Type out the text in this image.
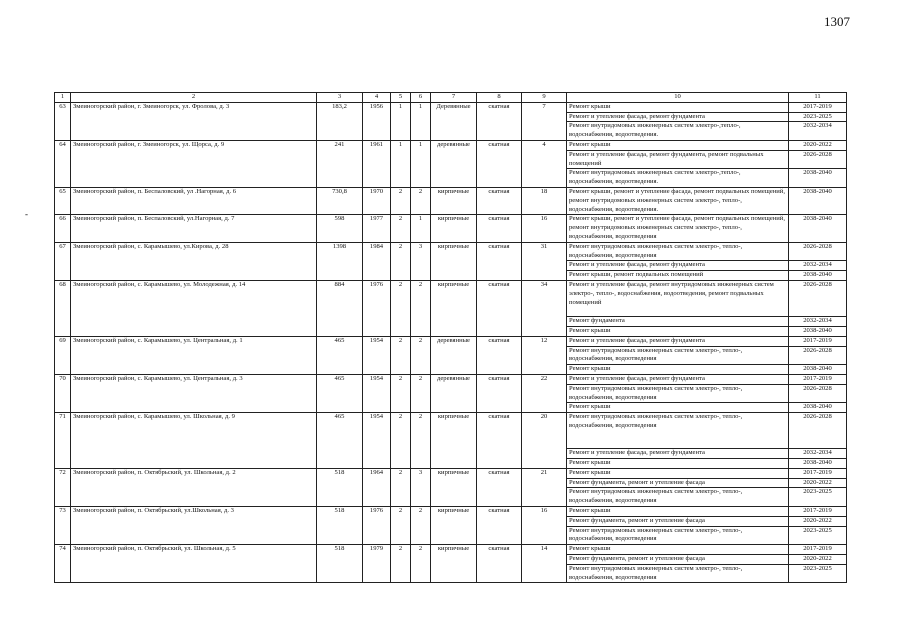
1307
-
1	2	3	4	5	6	7	8	9	10	11
63	Змеиногорский район, г. Змеиногорск, ул. Фролова, д. 3	183,2	1956	1	1	Деревянные	скатная	7	Ремонт крыши	2017-2019
									Ремонт и утепление фасада, ремонт фундамента	2023-2025
									Ремонт внутридомовых инженерных систем электро-,тепло-, водоснабжения, водоотведения.	2032-2034
64	Змеиногорский район, г. Змеиногорск, ул. Щорса, д. 9	241	1961	1	1	деревянные	скатная	4	Ремонт крыши	2020-2022
									Ремонт и утепление фасада, ремонт фундамента, ремонт подвальных помещений	2026-2028
									Ремонт внутридомовых инженерных систем электро-,тепло-, водоснабжения, водоотведения.	2038-2040
65	Змеиногорский район, п. Беспаловский, ул .Нагорная, д. 6	730,8	1970	2	2	кирпичные	скатная	18	Ремонт крыши, ремонт и утепление фасада, ремонт подвальных помещений, ремонт внутридомовых инженерных систем электро-, тепло-, водоснабжения, водоотведения.	2038-2040
66	Змеиногорский район, п. Беспаловский, ул.Нагорная, д. 7	598	1977	2	1	кирпичные	скатная	16	Ремонт крыши, ремонт и утепление фасада, ремонт подвальных помещений, ремонт внутридомовых инженерных систем электро-, тепло-, водоснабжения, водоотведения	2038-2040
67	Змеиногорский район, с. Карамышево, ул.Кирова, д. 28	1398	1984	2	3	кирпичные	скатная	31	Ремонт внутридомовых инженерных систем электро-, тепло-, водоснабжения, водоотведения	2026-2028
									Ремонт и утепление фасада, ремонт фундамента	2032-2034
									Ремонт крыши, ремонт подвальных помещений	2038-2040
68	Змеиногорский район, с. Карамышево, ул. Молодежная, д. 14	884	1976	2	2	кирпичные	скатная	34	Ремонт и утепление фасада, ремонт внутридомовых инженерных систем электро-, тепло-, водоснабжения, водоотведения, ремонт подвальных помещений	2026-2028
									Ремонт фундамента	2032-2034
									Ремонт крыши	2038-2040
69	Змеиногорский район, с. Карамышево, ул. Центральная, д. 1	465	1954	2	2	деревянные	скатная	12	Ремонт и утепление фасада, ремонт фундамента	2017-2019
									Ремонт внутридомовых инженерных систем электро-, тепло-, водоснабжения, водоотведения	2026-2028
									Ремонт крыши	2038-2040
70	Змеиногорский район, с. Карамышево, ул. Центральная, д. 3	465	1954	2	2	деревянные	скатная	22	Ремонт и утепление фасада, ремонт фундамента	2017-2019
									Ремонт внутридомовых инженерных систем электро-, тепло-, водоснабжения, водоотведения	2026-2028
									Ремонт крыши	2038-2040
71	Змеиногорский район, с. Карамышево, ул. Школьная, д. 9	465	1954	2	2	кирпичные	скатная	20	Ремонт внутридомовых инженерных систем электро-, тепло-, водоснабжения, водоотведения	2026-2028
									Ремонт и утепление фасада, ремонт фундамента	2032-2034
									Ремонт крыши	2038-2040
72	Змеиногорский район, п. Октябрьский, ул. Школьная, д. 2	518	1964	2	3	кирпичные	скатная	21	Ремонт крыши	2017-2019
									Ремонт фундамента, ремонт и утепление фасада	2020-2022
									Ремонт внутридомовых инженерных систем электро-, тепло-, водоснабжения, водоотведения	2023-2025
73	Змеиногорский район, п. Октябрьский, ул.Школьная, д. 3	518	1976	2	2	кирпичные	скатная	16	Ремонт крыши	2017-2019
									Ремонт фундамента, ремонт и утепление фасада	2020-2022
									Ремонт внутридомовых инженерных систем электро-, тепло-, водоснабжения, водоотведения	2023-2025
74	Змеиногорский район, п. Октябрьский, ул. Школьная, д. 5	518	1979	2	2	кирпичные	скатная	14	Ремонт крыши	2017-2019
									Ремонт фундамента, ремонт и утепление фасада	2020-2022
									Ремонт внутридомовых инженерных систем электро-, тепло-, водоснабжения, водоотведения	2023-2025
